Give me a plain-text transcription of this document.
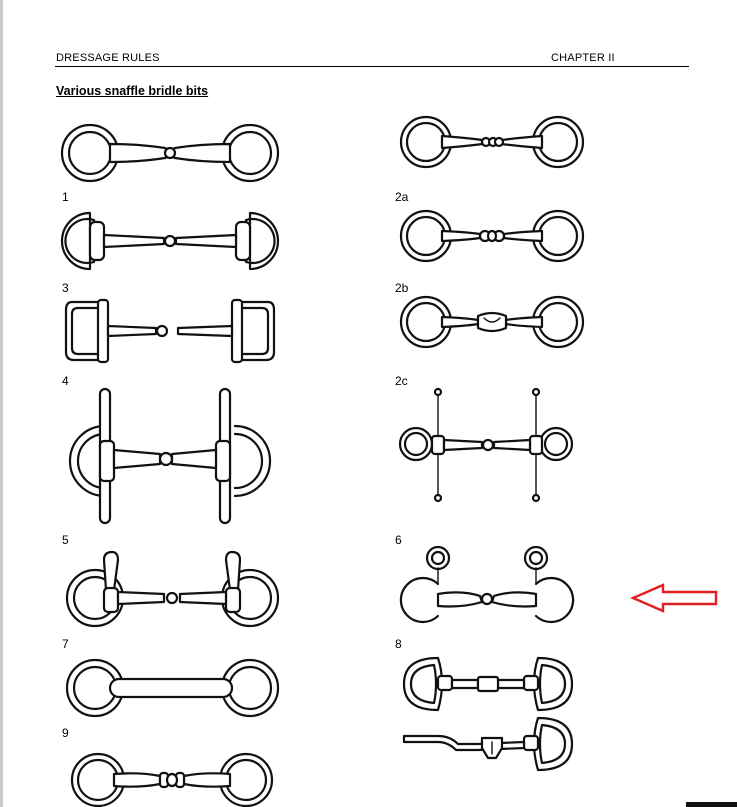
DRESSAGE RULES	CHAPTER II
Various snaffle bridle bits
1	2a
3	2b
4	2c
5	6
7	8
9
